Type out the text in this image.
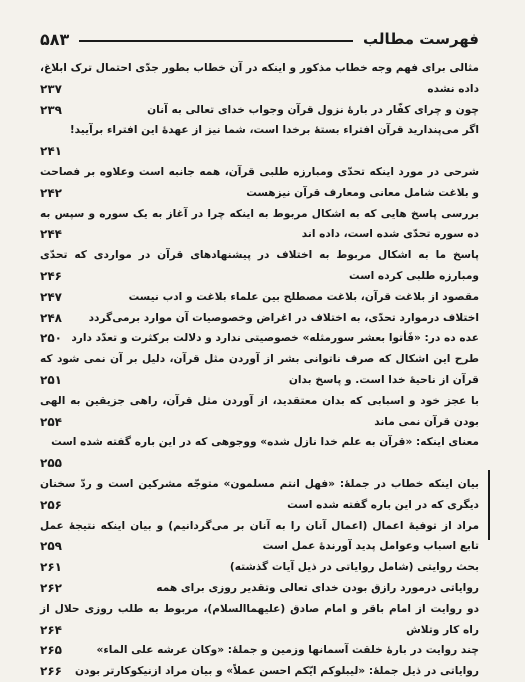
فهرست مطالب
۵۸۳
مثالی برای فهم وجه خطاب مذکور و اینکه در آن خطاب بطور جدّی احتمال ترک ابلاغ، داده نشده
۲۳۷
چون و چرای کفّار در بارهٔ نزول قرآن وجواب خدای تعالی به آنان
۲۳۹
اگر می‌پندارید قرآن افتراء بستهٔ برخدا است، شما نیز از عهدهٔ این افتراء برآیید!
۲۴۱
شرحی در مورد اینکه تحدّی ومبارزه طلبی قرآن، همه جانبه است وعلاوه بر فصاحت و بلاغت شامل معانی ومعارف قرآن نیزهست
۲۴۲
بررسی پاسخ هایی که به اشکال مربوط به اینکه چرا در آغاز به یک سوره و سپس به ده سوره تحدّی شده است، داده اند
۲۴۴
پاسخ ما به اشکال مربوط به اختلاف در پیشنهادهای قرآن در مواردی که تحدّی ومبارزه طلبی کرده است
۲۴۶
مقصود از بلاغت قرآن، بلاغت مصطلح بین علماء بلاغت و ادب نیست
۲۴۷
اختلاف درموارد تحدّی، به اختلاف در اغراض وخصوصیات آن موارد برمی‌گردد
۲۴۸
عده ده در: «فَأتوا بعشر سورمثله» خصوصیتی ندارد و دلالت برکثرت و تعدّد دارد
۲۵۰
طرح این اشکال که صرف ناتوانی بشر از آوردن مثل قرآن، دلیل بر آن نمی شود که قرآن از ناحیهٔ خدا است. و پاسخ بدان
۲۵۱
با عجز خود و اسبابی که بدان معتقدید، از آوردن مثل قرآن، راهی جزیقین به الهی بودن قرآن نمی ماند
۲۵۴
معنای اینکه: «قرآن به علم خدا نازل شده» ووجوهی که در این باره گفته شده است
۲۵۵
بیان اینکه خطاب در جملهٔ: «فهل انتم مسلمون» متوجّه مشرکین است و ردّ سخنان دیگری که در این باره گفته شده است
۲۵۶
مراد از توفیهٔ اعمال (اعمال آنان را به آنان بر می‌گردانیم) و بیان اینکه نتیجهٔ عمل تابع اسباب وعوامل پدید آورندهٔ عمل است
۲۵۹
بحث روایتی (شامل روایاتی در ذیل آیات گذشته)
۲۶۱
روایاتی درمورد رازق بودن خدای تعالی وتقدیر روزی برای همه
۲۶۲
دو روایت از امام باقر و امام صادق (علیهماالسلام)، مربوط به طلب روزی حلال از راه کار وتلاش
۲۶۴
چند روایت در بارهٔ خلقت آسمانها وزمین و جملهٔ: «وکان عرشه علی الماء»
۲۶۵
روایاتی در ذیل جملهٔ: «لیبلوکم ایّکم احسن عملاً» و بیان مراد ازنیکوکارتر بودن
۲۶۶
